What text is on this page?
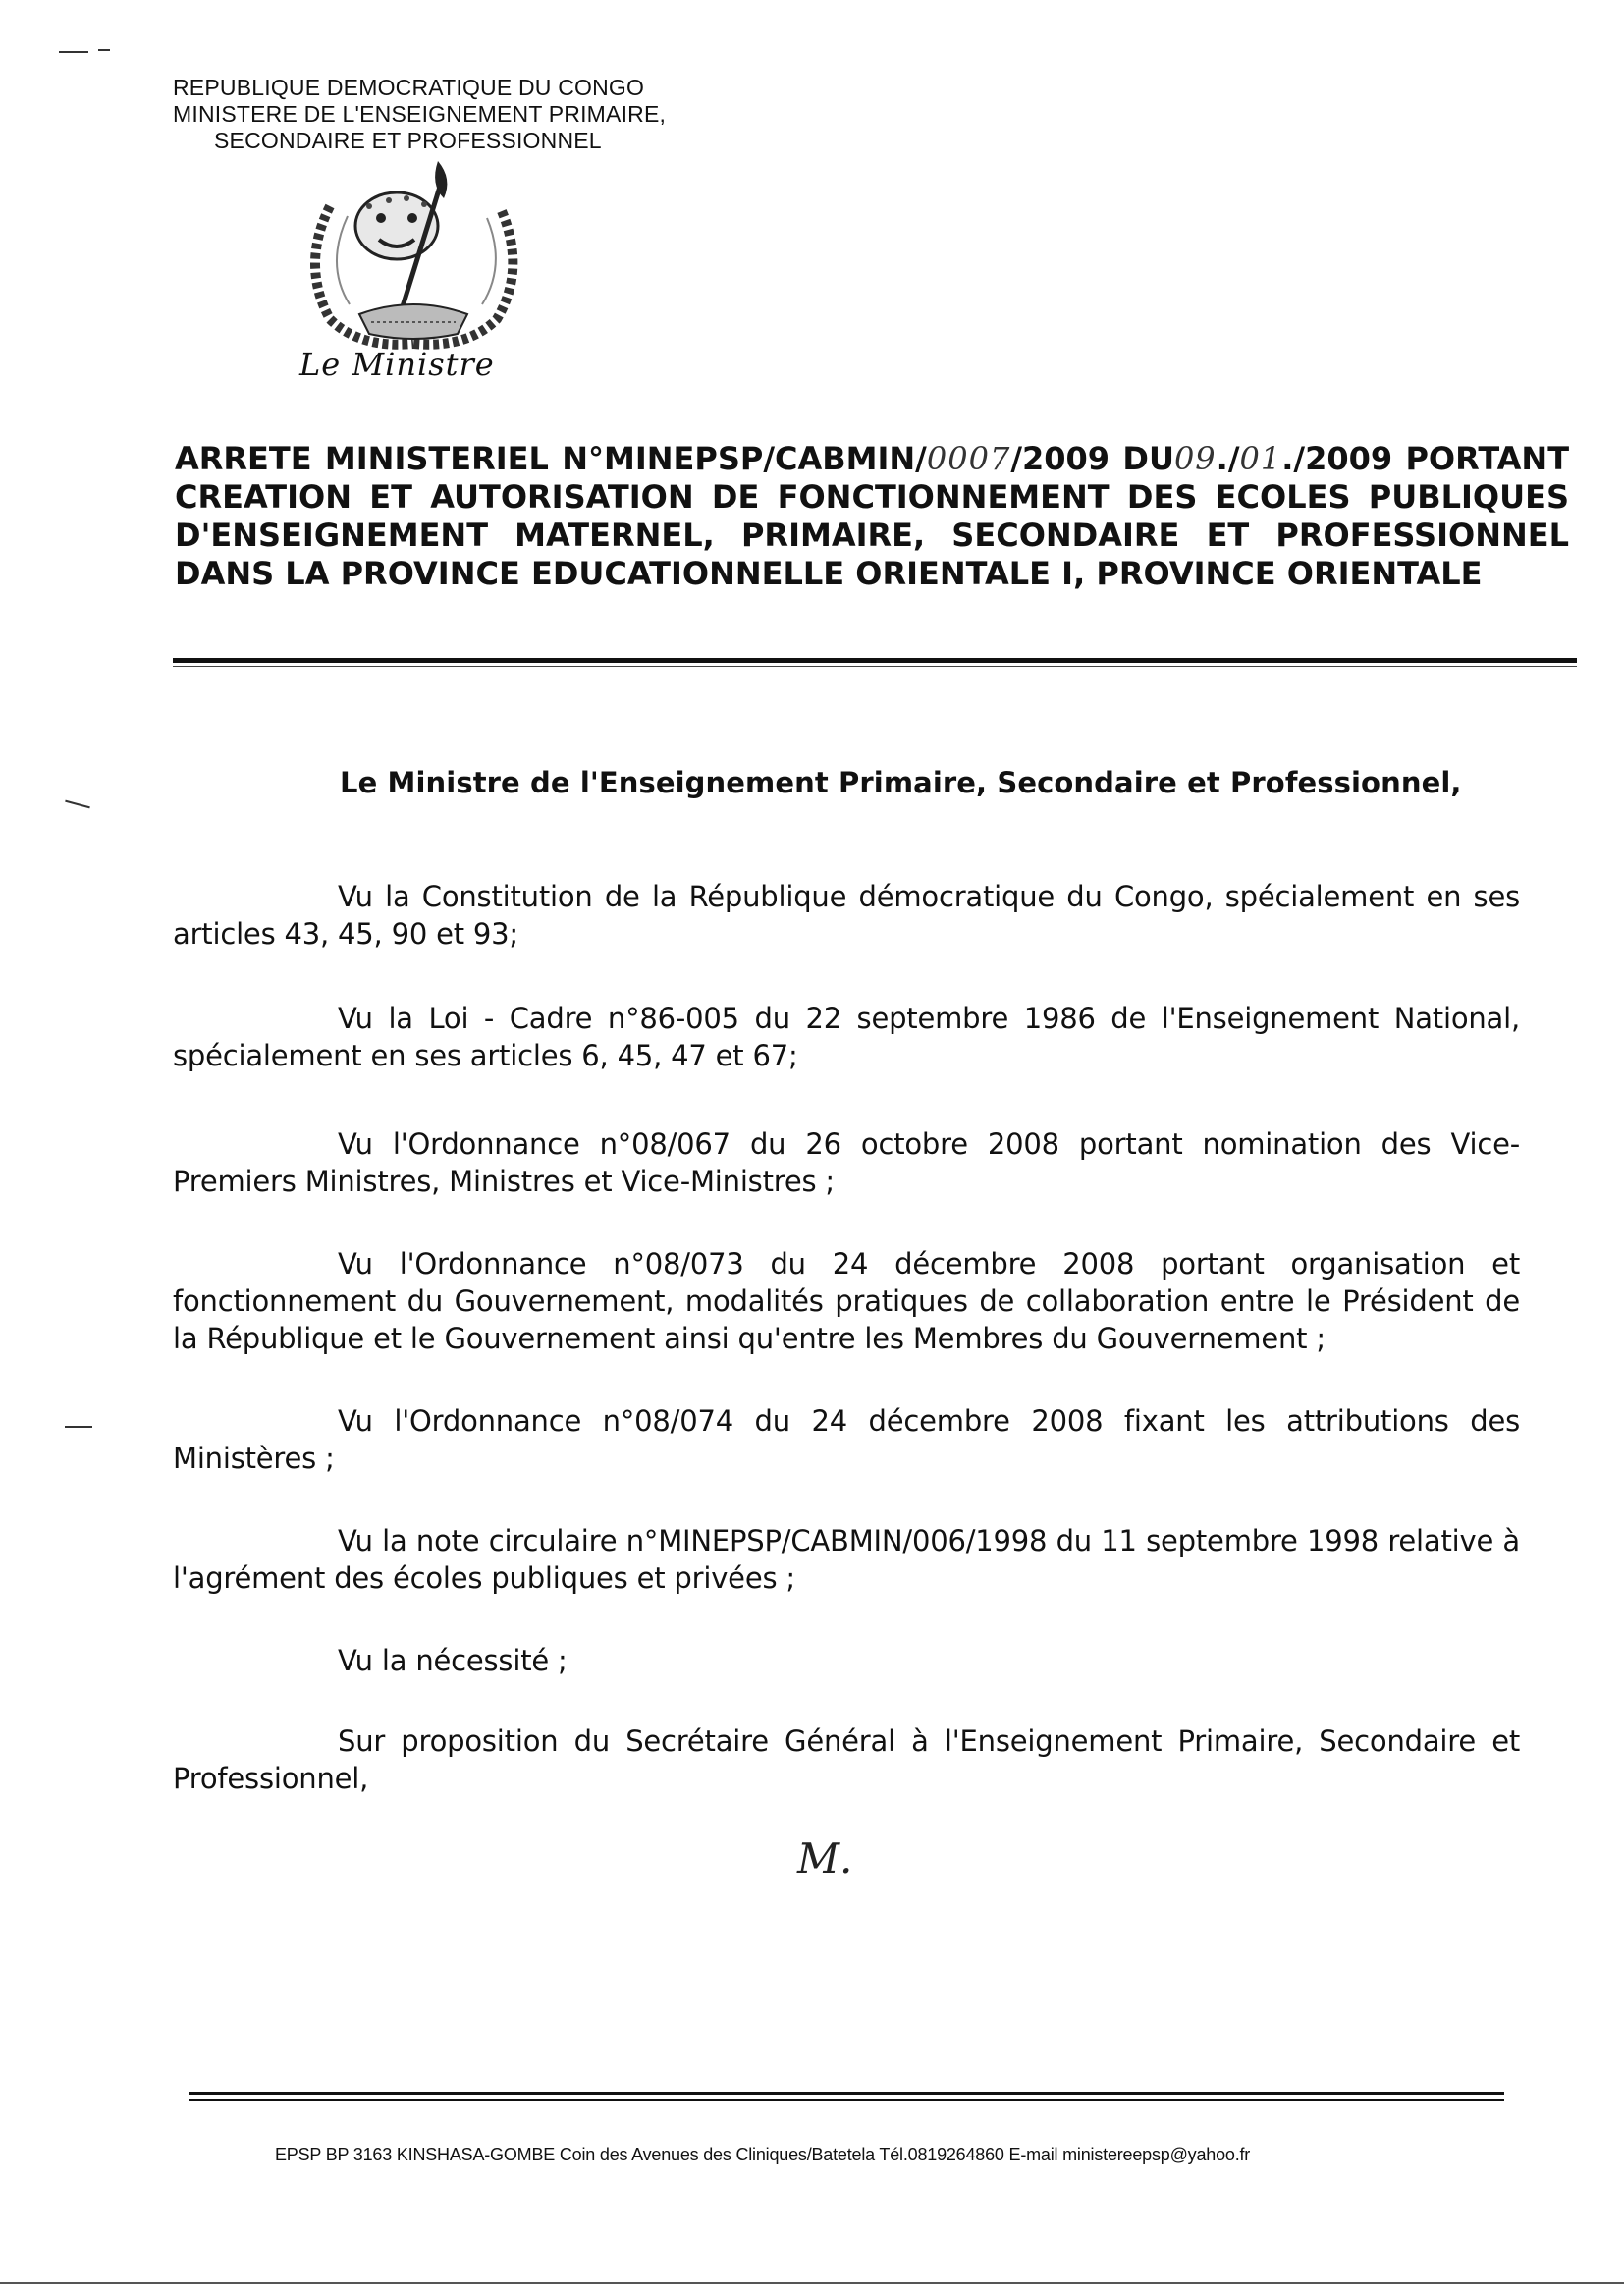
REPUBLIQUE DEMOCRATIQUE DU CONGO
MINISTERE DE L'ENSEIGNEMENT PRIMAIRE,
SECONDAIRE ET PROFESSIONNEL
Le Ministre
ARRETE MINISTERIEL N°MINEPSP/CABMIN/0007/2009 DU09./01./2009 PORTANT CREATION ET AUTORISATION DE FONCTIONNEMENT DES ECOLES PUBLIQUES D'ENSEIGNEMENT MATERNEL, PRIMAIRE, SECONDAIRE ET PROFESSIONNEL DANS LA PROVINCE EDUCATIONNELLE ORIENTALE I, PROVINCE ORIENTALE
Le Ministre de l'Enseignement Primaire, Secondaire et Professionnel,
Vu la Constitution de la République démocratique du Congo, spécialement en ses articles 43, 45, 90 et 93;
Vu la Loi - Cadre n°86-005 du 22 septembre 1986 de l'Enseignement National, spécialement en ses articles 6, 45, 47 et 67;
Vu l'Ordonnance n°08/067 du 26 octobre 2008 portant nomination des Vice-Premiers Ministres, Ministres et Vice-Ministres ;
Vu l'Ordonnance n°08/073 du 24 décembre 2008 portant organisation et fonctionnement du Gouvernement, modalités pratiques de collaboration entre le Président de la République et le Gouvernement ainsi qu'entre les Membres du Gouvernement ;
Vu l'Ordonnance n°08/074 du 24 décembre 2008 fixant les attributions des Ministères ;
Vu la note circulaire n°MINEPSP/CABMIN/006/1998 du 11 septembre 1998 relative à l'agrément des écoles publiques et privées ;
Vu la nécessité ;
Sur proposition du Secrétaire Général à l'Enseignement Primaire, Secondaire et Professionnel,
M.
EPSP BP 3163 KINSHASA-GOMBE Coin des Avenues des Cliniques/Batetela Tél.0819264860 E-mail ministereepsp@yahoo.fr
